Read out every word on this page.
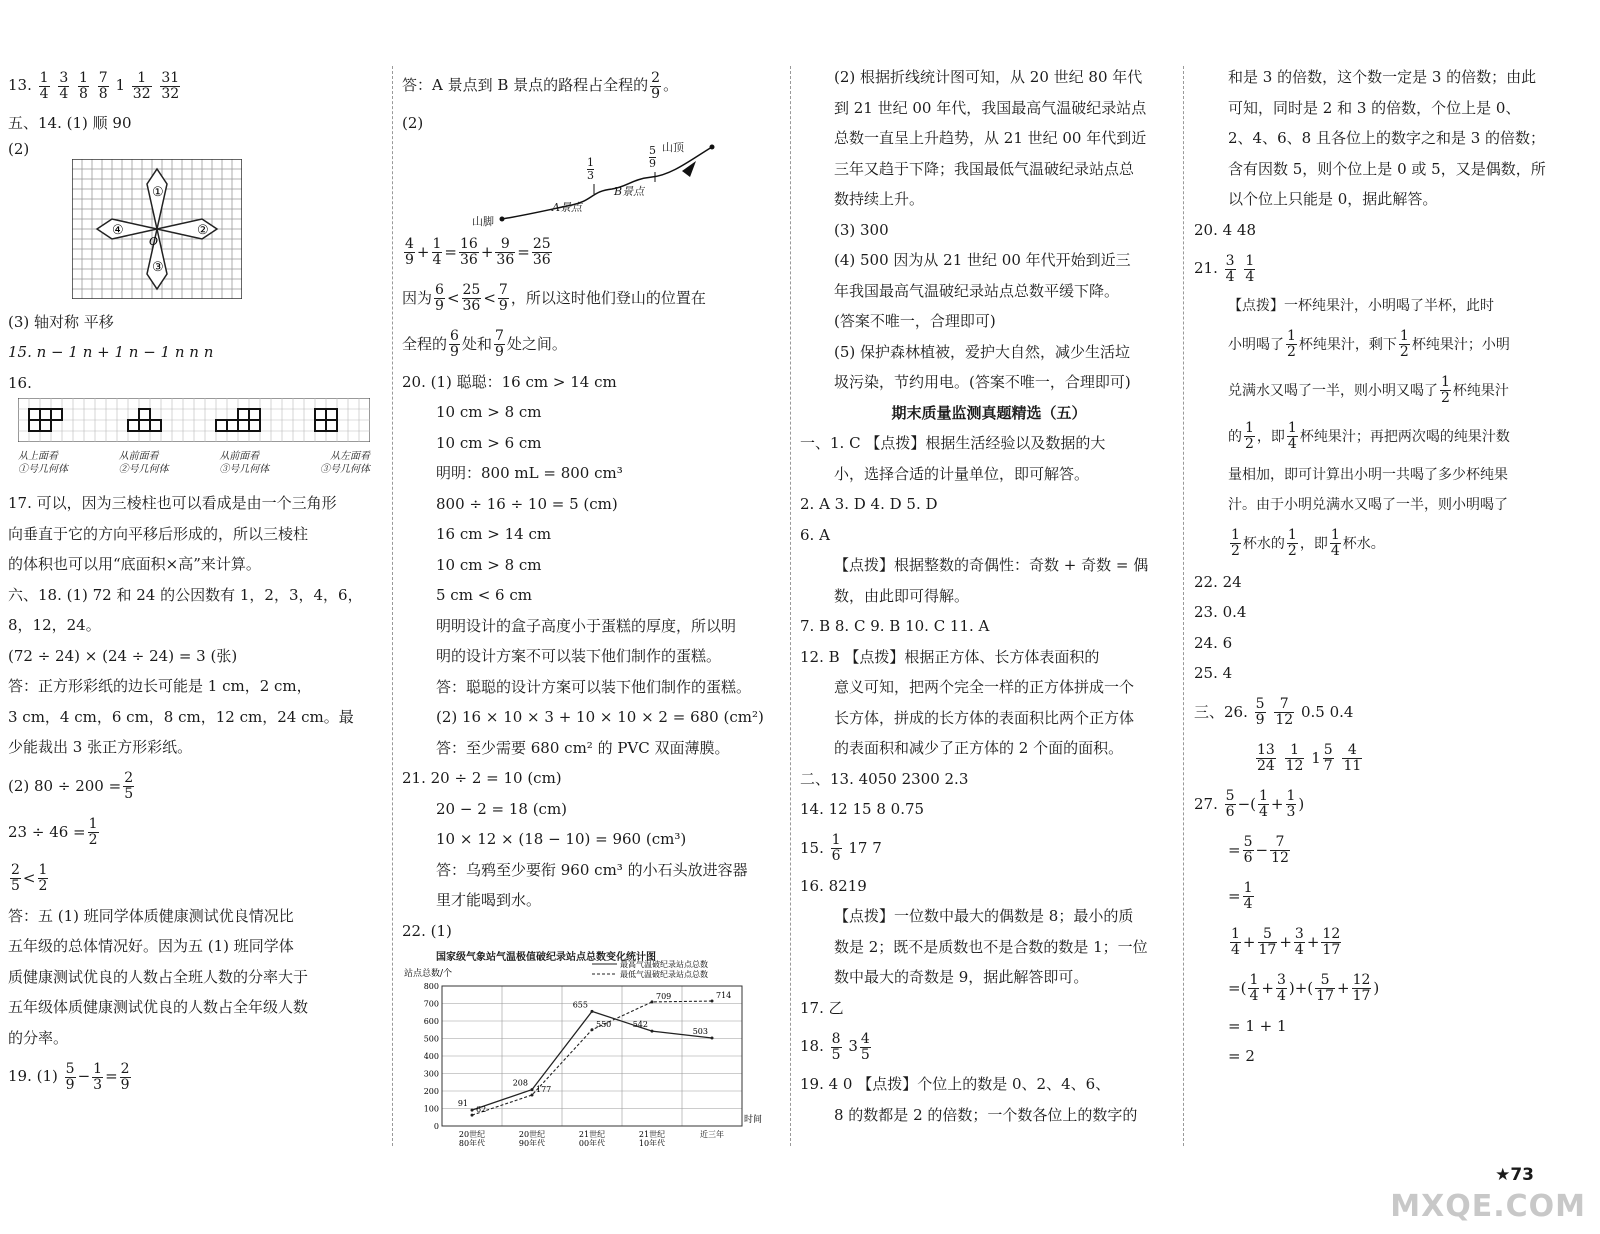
13. $\frac{1}{4}$
$\frac{3}{4}$
$\frac{1}{8}$
$\frac{7}{8} 1 \frac{1}{32}$
$\frac{31}{32}$
五、14. (1) 顺 90
(2)
①
②
③
④
O
(3) 轴对称 平移
15. n − 1 n + 1 n − 1 n n n
16.
从上面看
①号几何体
从前面看
②号几何体
从前面看
③号几何体
从左面看
③号几何体
17. 可以，因为三棱柱也可以看成是由一个三角形
向垂直于它的方向平移后形成的，所以三棱柱
的体积也可以用“底面积×高”来计算。
六、18. (1) 72 和 24 的公因数有 1，2，3，4，6，
8，12，24。
(72 ÷ 24) × (24 ÷ 24) = 3 (张)
答：正方形彩纸的边长可能是 1 cm，2 cm，
3 cm，4 cm，6 cm，8 cm，12 cm，24 cm。最
少能裁出 3 张正方形彩纸。
(2) $80 \div 200 = \frac{2}{5}$
$23 \div 46 = \frac{1}{2}$
$\frac{2}{5} < \frac{1}{2}$
答：五 (1) 班同学体质健康测试优良情况比
五年级的总体情况好。因为五 (1) 班同学体
质健康测试优良的人数占全班人数的分率大于
五年级体质健康测试优良的人数占全年级人数
的分率。
19. $(1) \frac{5}{9} - \frac{1}{3} = \frac{2}{9}$
答：A 景点到 B 景点的路程占全程的 $\frac{2}{9}$ 。
(2)
山顶
山脚
A景点
B景点
$\frac{1}{3}$	$\frac{5}{9}$
$\frac{4}{9} + \frac{1}{4} = \frac{16}{36} + \frac{9}{36} = \frac{25}{36}$
因为 $\frac{6}{9} < \frac{25}{36} < \frac{7}{9}$ ，所以这时他们登山的位置在
全程的 $\frac{6}{9}$ 处和 $\frac{7}{9}$ 处之间。
20. (1) 聪聪：16 cm > 14 cm
10 cm > 8 cm
10 cm > 6 cm
明明：800 mL = 800 cm³
800 ÷ 16 ÷ 10 = 5 (cm)
16 cm > 14 cm
10 cm > 8 cm
5 cm < 6 cm
明明设计的盒子高度小于蛋糕的厚度，所以明
明的设计方案不可以装下他们制作的蛋糕。
答：聪聪的设计方案可以装下他们制作的蛋糕。
(2) 16 × 10 × 3 + 10 × 10 × 2 = 680 (cm²)
答：至少需要 680 cm² 的 PVC 双面薄膜。
21. 20 ÷ 2 = 10 (cm)
20 − 2 = 18 (cm)
10 × 12 × (18 − 10) = 960 (cm³)
答：乌鸦至少要衔 960 cm³ 的小石头放进容器
里才能喝到水。
22. (1)
国家级气象站气温极值破纪录站点总数变化统计图
0
100
200
300
400
500
600
700
800
站点总数/个
时间
20世纪
80年代
20世纪
90年代
21世纪
00年代
21世纪
10年代
近三年
91
208
655
542
503
最高气温破纪录站点总数
62
177
550
709	714
最低气温破纪录站点总数
(2) 根据折线统计图可知，从 20 世纪 80 年代
到 21 世纪 00 年代，我国最高气温破纪录站点
总数一直呈上升趋势，从 21 世纪 00 年代到近
三年又趋于下降；我国最低气温破纪录站点总
数持续上升。
(3) 300
(4) 500 因为从 21 世纪 00 年代开始到近三
年我国最高气温破纪录站点总数平缓下降。
(答案不唯一，合理即可)
(5) 保护森林植被，爱护大自然，减少生活垃
圾污染，节约用电。(答案不唯一，合理即可)
期末质量监测真题精选（五）
一、1. C 【点拨】根据生活经验以及数据的大
小，选择合适的计量单位，即可解答。
2. A 3. D 4. D 5. D
6. A
【点拨】根据整数的奇偶性：奇数 + 奇数 = 偶
数，由此即可得解。
7. B 8. C 9. B 10. C 11. A
12. B 【点拨】根据正方体、长方体表面积的
意义可知，把两个完全一样的正方体拼成一个
长方体，拼成的长方体的表面积比两个正方体
的表面积和减少了正方体的 2 个面的面积。
二、13. 4050 2300 2.3
14. 12 15 8 0.75
15. $\frac{1}{6} 17$ 7
16. 8219
【点拨】一位数中最大的偶数是 8；最小的质
数是 2；既不是质数也不是合数的数是 1；一位
数中最大的奇数是 9，据此解答即可。
17. 乙
18. $\frac{8}{5} 3 \frac{4}{5}$
19. 4 0 【点拨】个位上的数是 0、2、4、6、
8 的数都是 2 的倍数；一个数各位上的数字的
和是 3 的倍数，这个数一定是 3 的倍数；由此
可知，同时是 2 和 3 的倍数，个位上是 0、
2、4、6、8 且各位上的数字之和是 3 的倍数；
含有因数 5，则个位上是 0 或 5，又是偶数，所
以个位上只能是 0，据此解答。
20. 4 48
21. $\frac{3}{4}$
$\frac{1}{4}$
【点拨】一杯纯果汁，小明喝了半杯，此时
小明喝了 $\frac{1}{2}$ 杯纯果汁，剩下 $\frac{1}{2}$ 杯纯果汁；小明
兑满水又喝了一半，则小明又喝了 $\frac{1}{2}$ 杯纯果汁
的 $\frac{1}{2}$ ，即 $\frac{1}{4}$ 杯纯果汁；再把两次喝的纯果汁数
量相加，即可计算出小明一共喝了多少杯纯果
汁。由于小明兑满水又喝了一半，则小明喝了
$\frac{1}{2}$ 杯水的 $\frac{1}{2}$ ，即 $\frac{1}{4}$ 杯水。
22. 24
23. 0.4
24. 6
25. 4
三、26. $\frac{5}{9}$
$\frac{7}{12} 0.5$ 0.4
$\frac{13}{24}$
$\frac{1}{12} 1 \frac{5}{7}$
$\frac{4}{11}$
27. $\frac{5}{6}$ −( $\frac{1}{4} + \frac{1}{3}$ )
= $\frac{5}{6} - \frac{7}{12}$
= $\frac{1}{4}$
$\frac{1}{4} + \frac{5}{17} + \frac{3}{4} + \frac{12}{17}$
=( $\frac{1}{4} + \frac{3}{4}$ )+( $\frac{5}{17} + \frac{12}{17}$ )
= 1 + 1
= 2
★73
MXQE.COM
